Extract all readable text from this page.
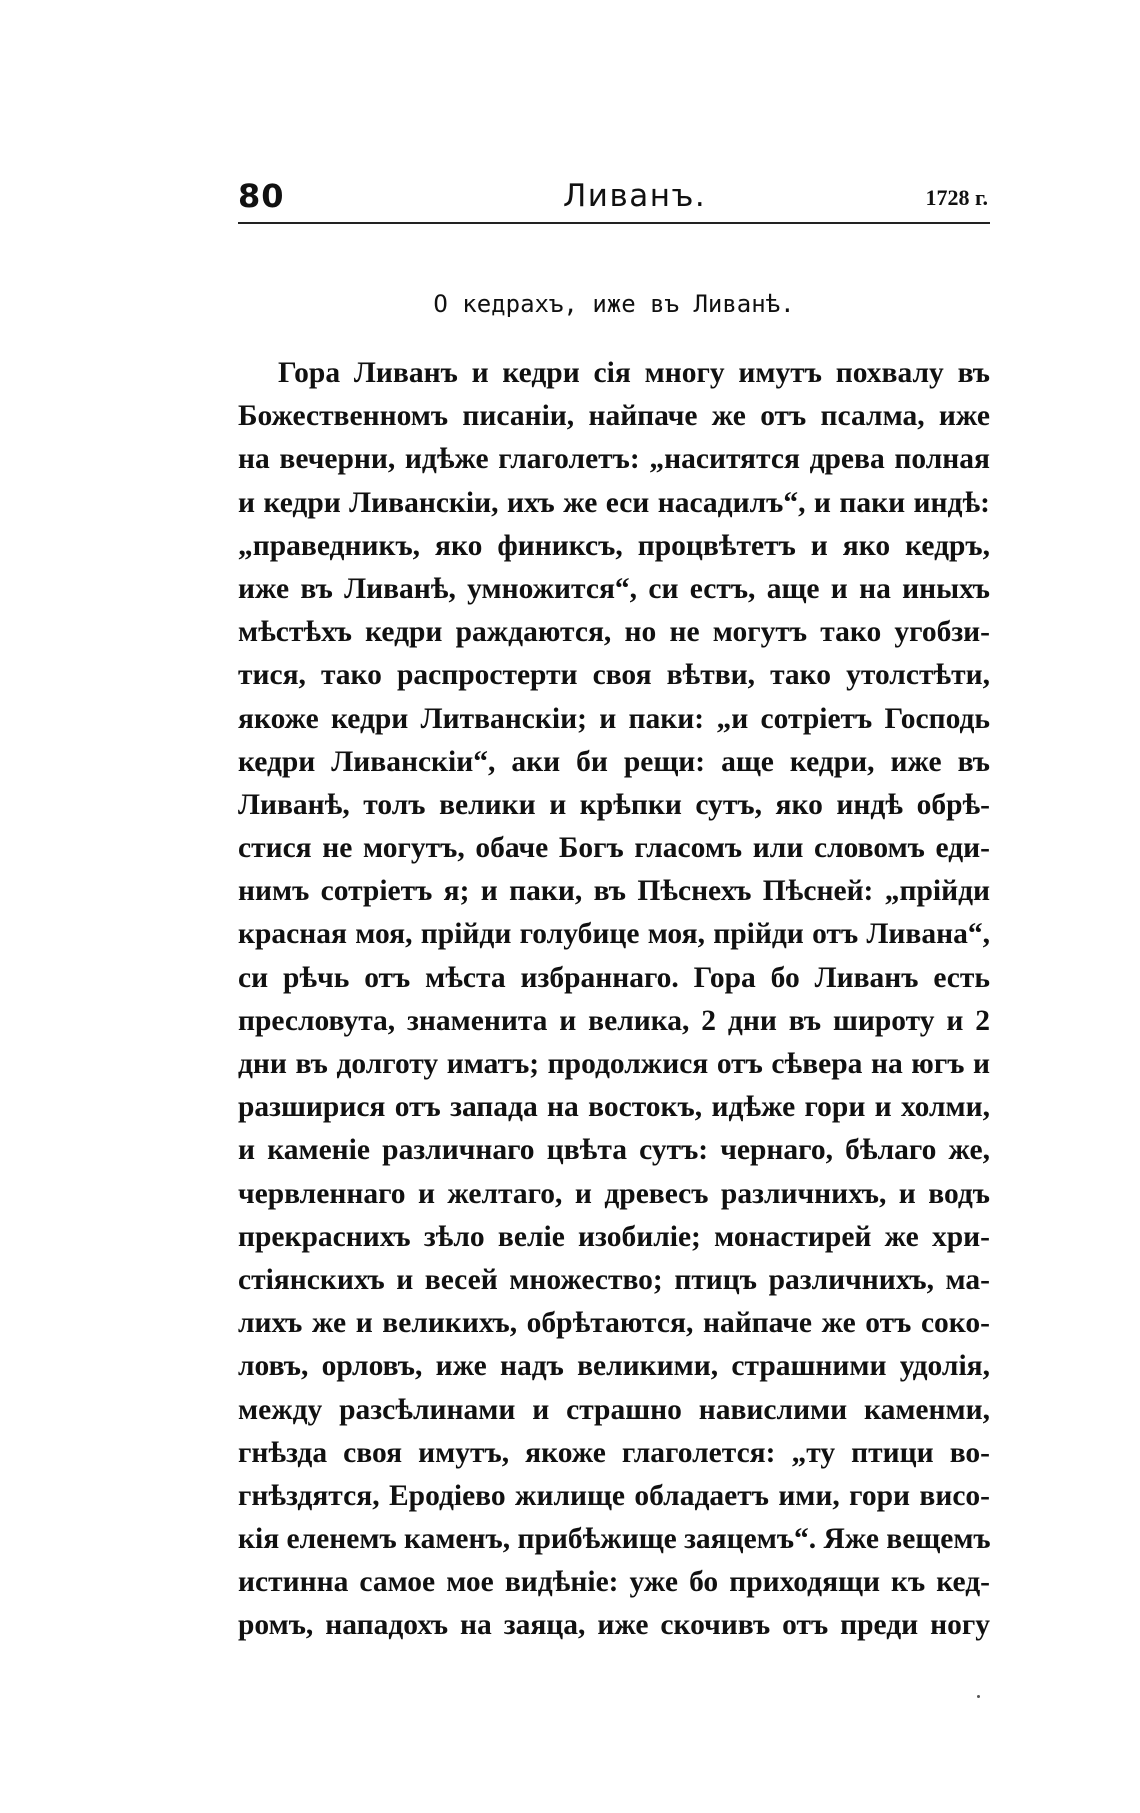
80	Ливанъ.	1728 г.
О кедрахъ, иже въ Ливанѣ.
Гора Ливанъ и кедри сія многу имутъ похвалу въ
Божественномъ писаніи, найпаче же отъ псалма, иже
на вечерни, идѣже глаголетъ: „наситятся древа полная
и кедри Ливанскіи, ихъ же еси насадилъ“, и паки индѣ:
„праведникъ, яко финиксъ, процвѣтетъ и яко кедръ,
иже въ Ливанѣ, умножится“, си естъ, аще и на иныхъ
мѣстѣхъ кедри раждаются, но не могутъ тако угобзи-
тися, тако распростерти своя вѣтви, тако утолстѣти,
якоже кедри Литванскіи; и паки: „и сотріетъ Господь
кедри Ливанскіи“, аки би рещи: аще кедри, иже въ
Ливанѣ, толъ велики и крѣпки сутъ, яко индѣ обрѣ-
стися не могутъ, обаче Богъ гласомъ или словомъ еди-
нимъ сотріетъ я; и паки, въ Пѣснехъ Пѣсней: „прійди
красная моя, прійди голубице моя, прійди отъ Ливана“,
си рѣчь отъ мѣста избраннаго. Гора бо Ливанъ есть
пресловута, знаменита и велика, 2 дни въ широту и 2
дни въ долготу иматъ; продолжися отъ сѣвера на югъ и
разширися отъ запада на востокъ, идѣже гори и холми,
и каменіе различнаго цвѣта сутъ: чернаго, бѣлаго же,
червленнаго и желтаго, и древесъ различнихъ, и водъ
прекраснихъ зѣло веліе изобиліе; монастирей же хри-
стіянскихъ и весей множество; птицъ различнихъ, ма-
лихъ же и великихъ, обрѣтаются, найпаче же отъ соко-
ловъ, орловъ, иже надъ великими, страшними удолія,
между разсѣлинами и страшно навислими каменми,
гнѣзда своя имутъ, якоже глаголется: „ту птици во-
гнѣздятся, Еродіево жилище обладаетъ ими, гори висо-
кія еленемъ каменъ, прибѣжище заяцемъ“. Яже вещемъ
истинна самое мое видѣніе: уже бо приходящи къ кед-
ромъ, нападохъ на заяца, иже скочивъ отъ преди ногу
